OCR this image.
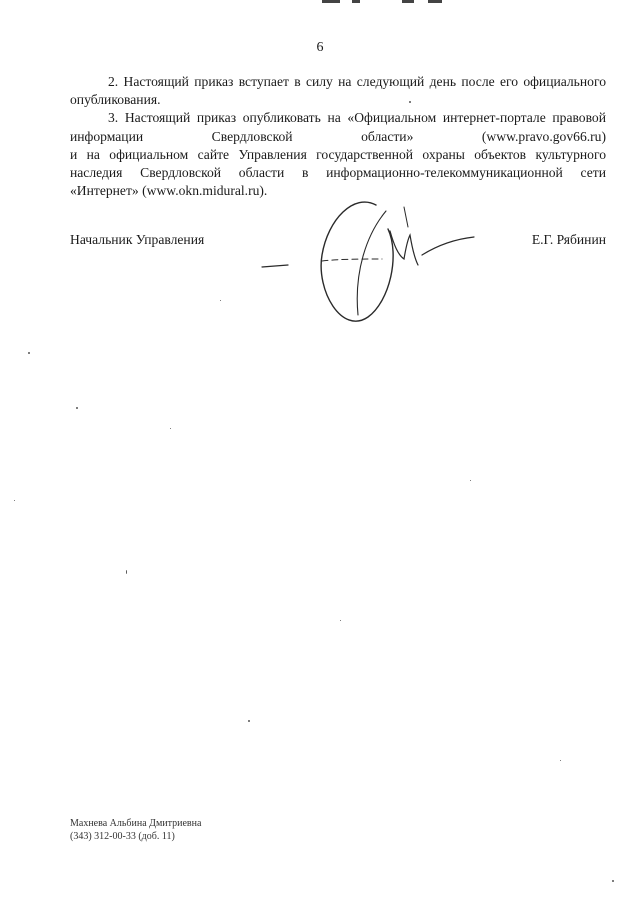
6

2. Настоящий приказ вступает в силу на следующий день после его официального опубликования.

3. Настоящий приказ опубликовать на «Официальном интернет-портале правовой информации Свердловской области» (www.pravo.gov66.ru)

и на официальном сайте Управления государственной охраны объектов культурного наследия Свердловской области в информационно-телекоммуникационной сети «Интернет» (www.okn.midural.ru).

Начальник Управления	Е.Г. Рябинин
Махнева Альбина Дмитриевна
(343) 312-00-33 (доб. 11)
